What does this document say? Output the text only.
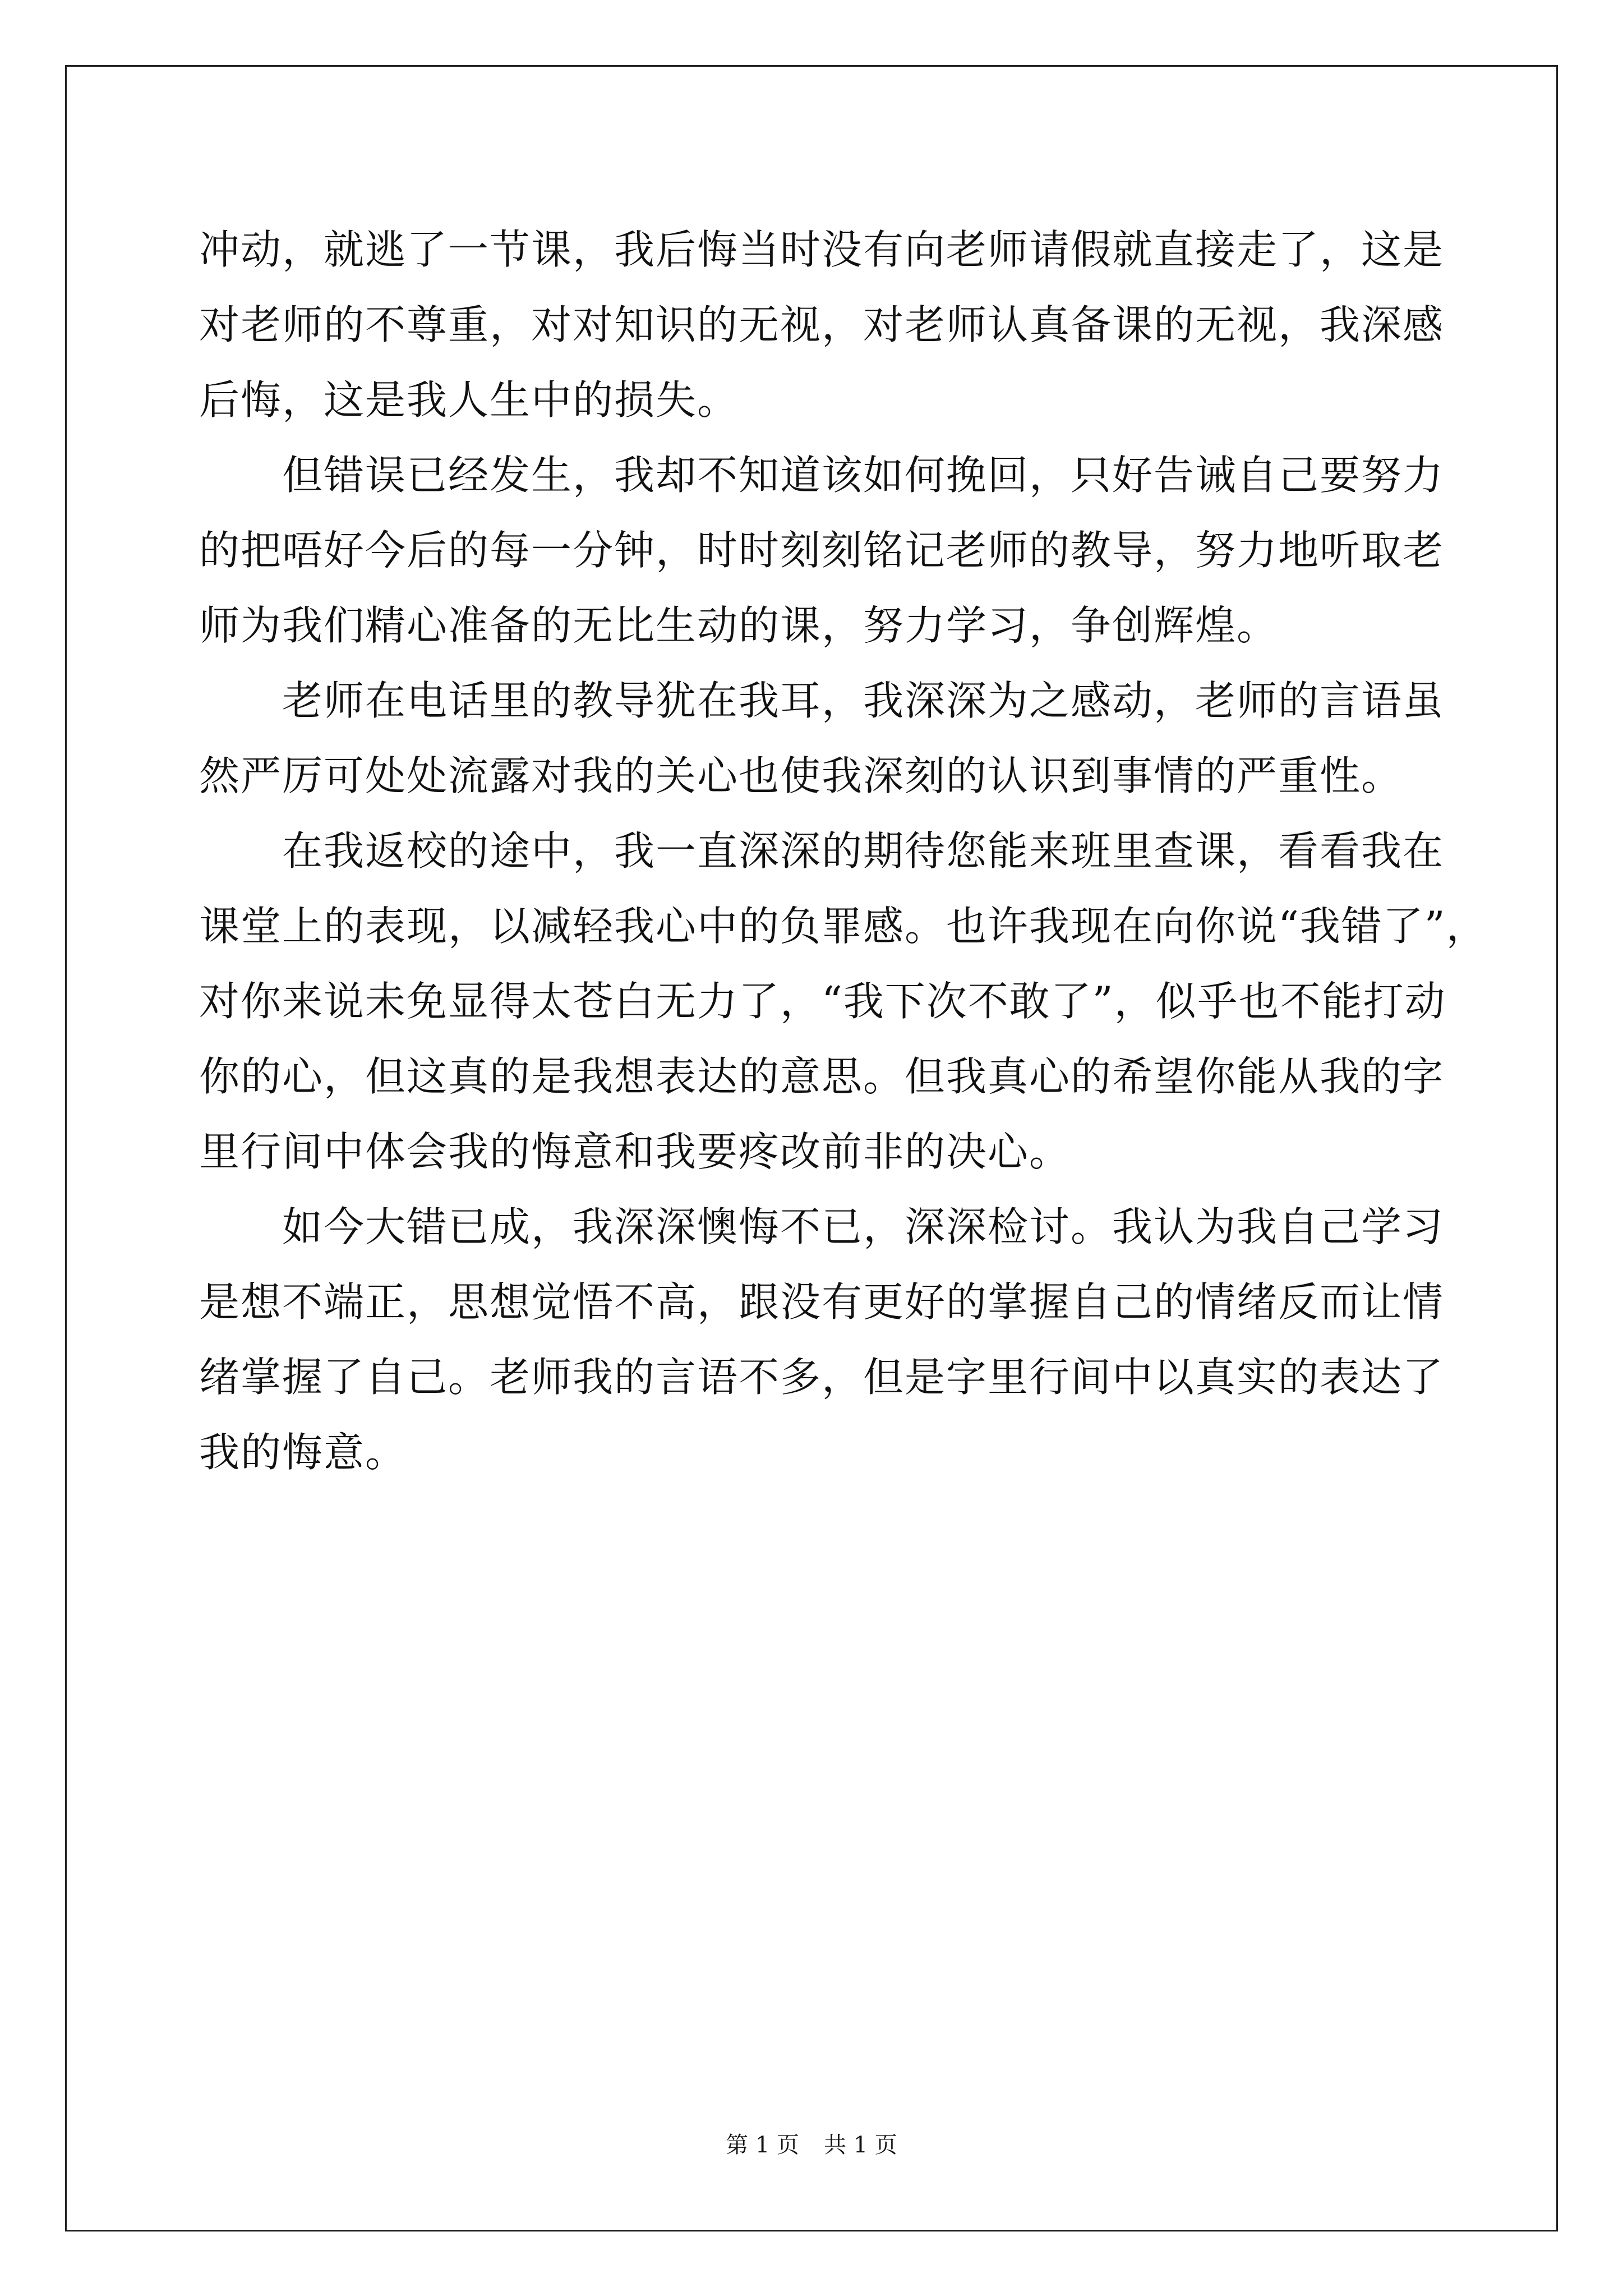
冲动，就逃了一节课，我后悔当时没有向老师请假就直接走了，这是
对老师的不尊重，对对知识的无视，对老师认真备课的无视，我深感
后悔，这是我人生中的损失。
但错误已经发生，我却不知道该如何挽回，只好告诫自己要努力
的把唔好今后的每一分钟，时时刻刻铭记老师的教导，努力地听取老
师为我们精心准备的无比生动的课，努力学习，争创辉煌。
老师在电话里的教导犹在我耳，我深深为之感动，老师的言语虽
然严厉可处处流露对我的关心也使我深刻的认识到事情的严重性。
在我返校的途中，我一直深深的期待您能来班里查课，看看我在
课堂上的表现，以减轻我心中的负罪感。也许我现在向你说“我错了”，
对你来说未免显得太苍白无力了，“我下次不敢了”，似乎也不能打动
你的心，但这真的是我想表达的意思。但我真心的希望你能从我的字
里行间中体会我的悔意和我要疼改前非的决心。
如今大错已成，我深深懊悔不已，深深检讨。我认为我自己学习
是想不端正，思想觉悟不高，跟没有更好的掌握自己的情绪反而让情
绪掌握了自己。老师我的言语不多，但是字里行间中以真实的表达了
我的悔意。
第 1 页 共 1 页
